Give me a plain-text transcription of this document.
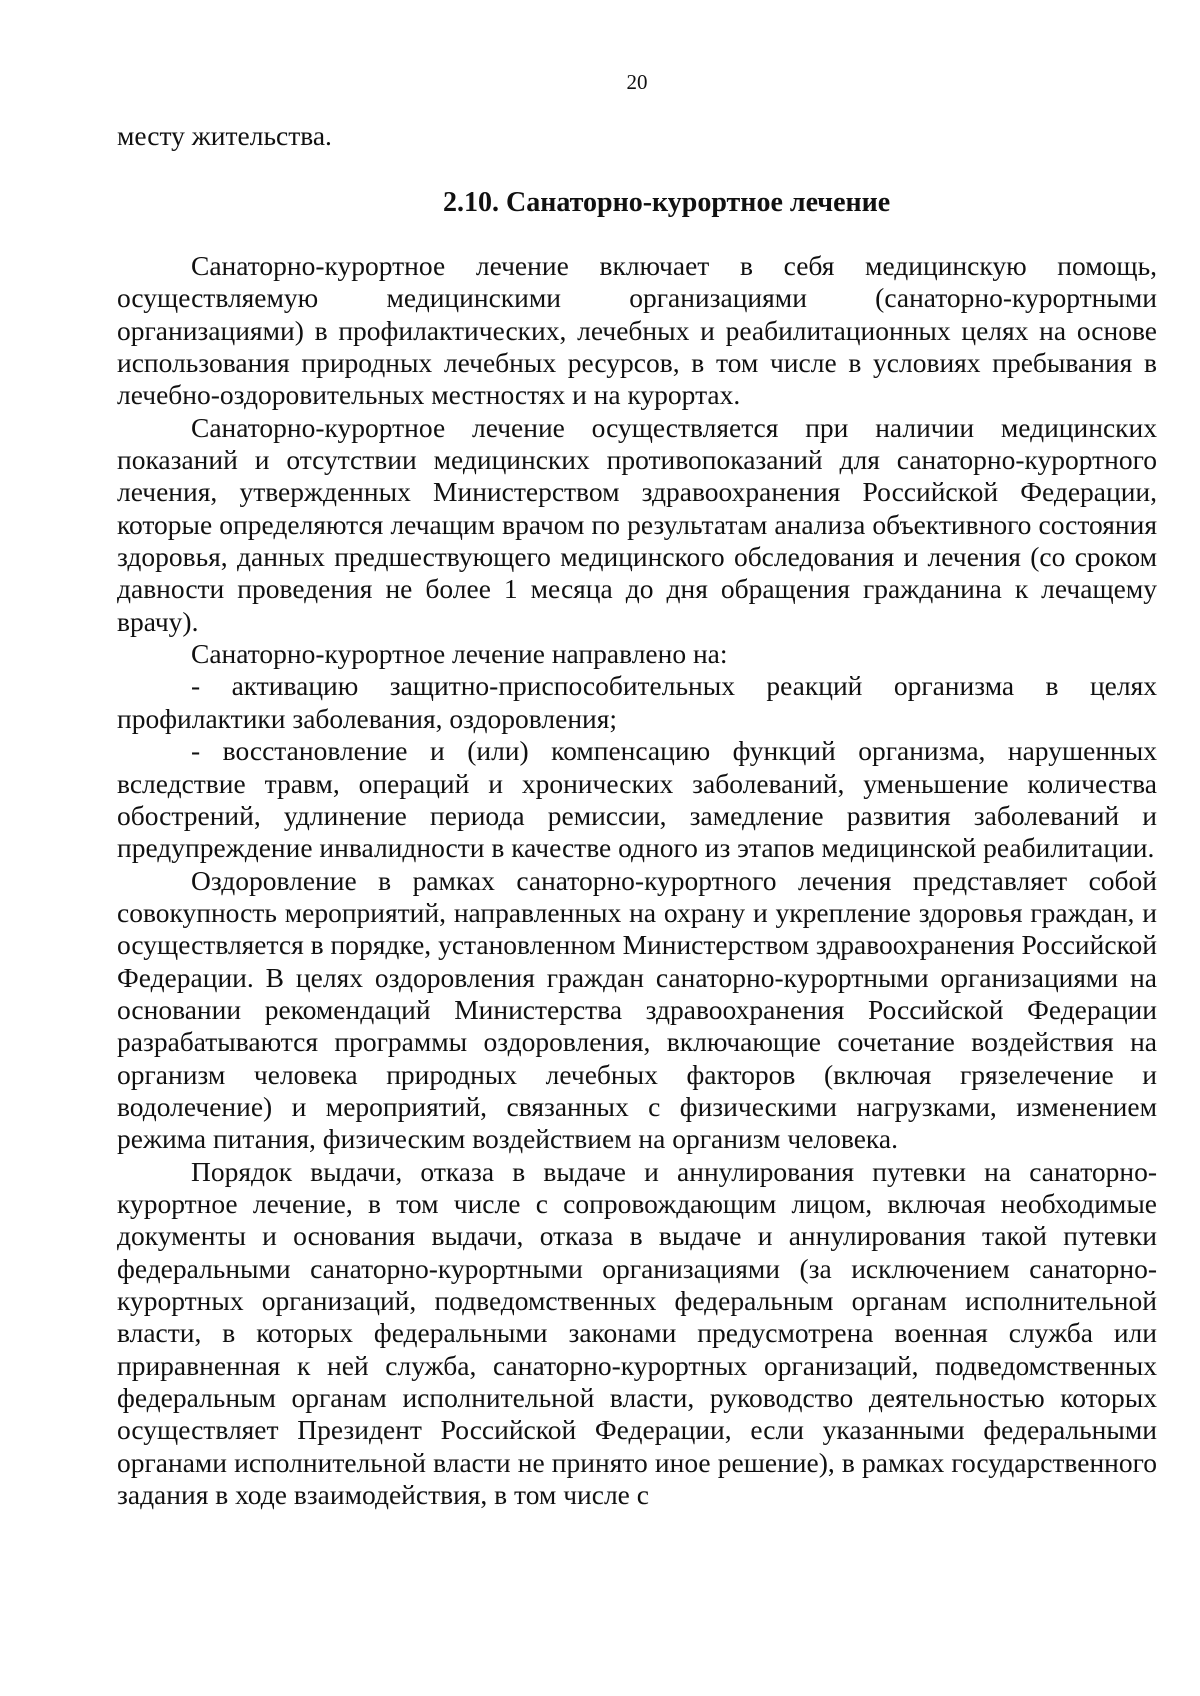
20
месту жительства.
2.10. Санаторно-курортное лечение

Санаторно-курортное лечение включает в себя медицинскую помощь, осуществляемую медицинскими организациями (санаторно-курортными организациями) в профилактических, лечебных и реабилитационных целях на основе использования природных лечебных ресурсов, в том числе в условиях пребывания в лечебно-оздоровительных местностях и на курортах.

Санаторно-курортное лечение осуществляется при наличии медицинских показаний и отсутствии медицинских противопоказаний для санаторно-курортного лечения, утвержденных Министерством здравоохранения Российской Федерации, которые определяются лечащим врачом по результатам анализа объективного состояния здоровья, данных предшествующего медицинского обследования и лечения (со сроком давности проведения не более 1 месяца до дня обращения гражданина к лечащему врачу).

Санаторно-курортное лечение направлено на:

- активацию защитно-приспособительных реакций организма в целях профилактики заболевания, оздоровления;

- восстановление и (или) компенсацию функций организма, нарушенных вследствие травм, операций и хронических заболеваний, уменьшение количества обострений, удлинение периода ремиссии, замедление развития заболеваний и предупреждение инвалидности в качестве одного из этапов медицинской реабилитации.

Оздоровление в рамках санаторно-курортного лечения представляет собой совокупность мероприятий, направленных на охрану и укрепление здоровья граждан, и осуществляется в порядке, установленном Министерством здравоохранения Российской Федерации. В целях оздоровления граждан санаторно-курортными организациями на основании рекомендаций Министерства здравоохранения Российской Федерации разрабатываются программы оздоровления, включающие сочетание воздействия на организм человека природных лечебных факторов (включая грязелечение и водолечение) и мероприятий, связанных с физическими нагрузками, изменением режима питания, физическим воздействием на организм человека.

Порядок выдачи, отказа в выдаче и аннулирования путевки на санаторно-курортное лечение, в том числе с сопровождающим лицом, включая необходимые документы и основания выдачи, отказа в выдаче и аннулирования такой путевки федеральными санаторно-курортными организациями (за исключением санаторно-курортных организаций, подведомственных федеральным органам исполнительной власти, в которых федеральными законами предусмотрена военная служба или приравненная к ней служба, санаторно-курортных организаций, подведомственных федеральным органам исполнительной власти, руководство деятельностью которых осуществляет Президент Российской Федерации, если указанными федеральными органами исполнительной власти не принято иное решение), в рамках государственного задания в ходе взаимодействия, в том числе с
